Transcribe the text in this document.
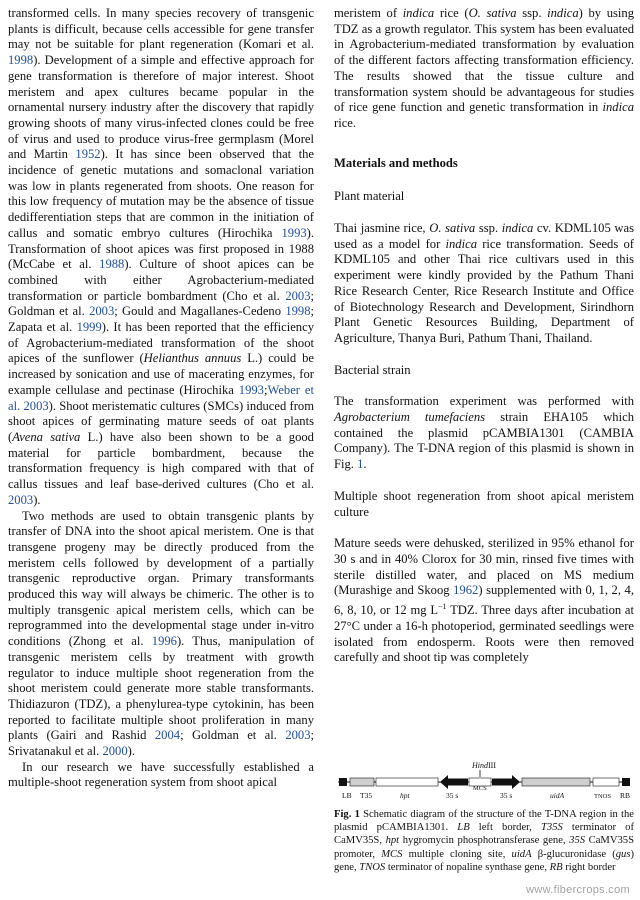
transformed cells. In many species recovery of transgenic plants is difficult, because cells accessible for gene transfer may not be suitable for plant regeneration (Komari et al. 1998). Development of a simple and effective approach for gene transformation is therefore of major interest. Shoot meristem and apex cultures became popular in the ornamental nursery industry after the discovery that rapidly growing shoots of many virus-infected clones could be free of virus and used to produce virus-free germplasm (Morel and Martin 1952). It has since been observed that the incidence of genetic mutations and somaclonal variation was low in plants regenerated from shoots. One reason for this low frequency of mutation may be the absence of tissue dedifferentiation steps that are common in the initiation of callus and somatic embryo cultures (Hirochika 1993). Transformation of shoot apices was first proposed in 1988 (McCabe et al. 1988). Culture of shoot apices can be combined with either Agrobacterium-mediated transformation or particle bombardment (Cho et al. 2003; Goldman et al. 2003; Gould and Magallanes-Cedeno 1998; Zapata et al. 1999). It has been reported that the efficiency of Agrobacterium-mediated transformation of the shoot apices of the sunflower (Helianthus annuus L.) could be increased by sonication and use of macerating enzymes, for example cellulase and pectinase (Hirochika 1993;Weber et al. 2003). Shoot meristematic cultures (SMCs) induced from shoot apices of germinating mature seeds of oat plants (Avena sativa L.) have also been shown to be a good material for particle bombardment, because the transformation frequency is high compared with that of callus tissues and leaf base-derived cultures (Cho et al. 2003).

Two methods are used to obtain transgenic plants by transfer of DNA into the shoot apical meristem. One is that transgene progeny may be directly produced from the meristem cells followed by development of a partially transgenic reproductive organ. Primary transformants produced this way will always be chimeric. The other is to multiply transgenic apical meristem cells, which can be reprogrammed into the developmental stage under in-vitro conditions (Zhong et al. 1996). Thus, manipulation of transgenic meristem cells by treatment with growth regulator to induce multiple shoot regeneration from the shoot meristem could generate more stable transformants. Thidiazuron (TDZ), a phenylurea-type cytokinin, has been reported to facilitate multiple shoot proliferation in many plants (Gairi and Rashid 2004; Goldman et al. 2003; Srivatanakul et al. 2000).

In our research we have successfully established a multiple-shoot regeneration system from shoot apical

meristem of indica rice (O. sativa ssp. indica) by using TDZ as a growth regulator. This system has been evaluated in Agrobacterium-mediated transformation by evaluation of the different factors affecting transformation efficiency. The results showed that the tissue culture and transformation system should be advantageous for studies of rice gene function and genetic transformation in indica rice.

Materials and methods

Plant material

Thai jasmine rice, O. sativa ssp. indica cv. KDML105 was used as a model for indica rice transformation. Seeds of KDML105 and other Thai rice cultivars used in this experiment were kindly provided by the Pathum Thani Rice Research Center, Rice Research Institute and Office of Biotechnology Research and Development, Sirindhorn Plant Genetic Resources Building, Department of Agriculture, Thanya Buri, Pathum Thani, Thailand.

Bacterial strain

The transformation experiment was performed with Agrobacterium tumefaciens strain EHA105 which contained the plasmid pCAMBIA1301 (CAMBIA Company). The T-DNA region of this plasmid is shown in Fig. 1.

Multiple shoot regeneration from shoot apical meristem culture

Mature seeds were dehusked, sterilized in 95% ethanol for 30 s and in 40% Clorox for 30 min, rinsed five times with sterile distilled water, and placed on MS medium (Murashige and Skoog 1962) supplemented with 0, 1, 2, 4, 6, 8, 10, or 12 mg $L^{-1}$ TDZ. Three days after incubation at 27°C under a 16-h photoperiod, germinated seedlings were isolated from endosperm. Roots were then removed carefully and shoot tip was completely

HindIII
LB T35	hpt	35 s
MCS
35 s	uidA	TNOS RB
Fig. 1 Schematic diagram of the structure of the T-DNA region in the plasmid pCAMBIA1301. LB left border, T35S terminator of CaMV35S, hpt hygromycin phosphotransferase gene, 35S CaMV35S promoter, MCS multiple cloning site, uidA β-glucuronidase (gus) gene, TNOS terminator of nopaline synthase gene, RB right border
www.fibercrops.com
